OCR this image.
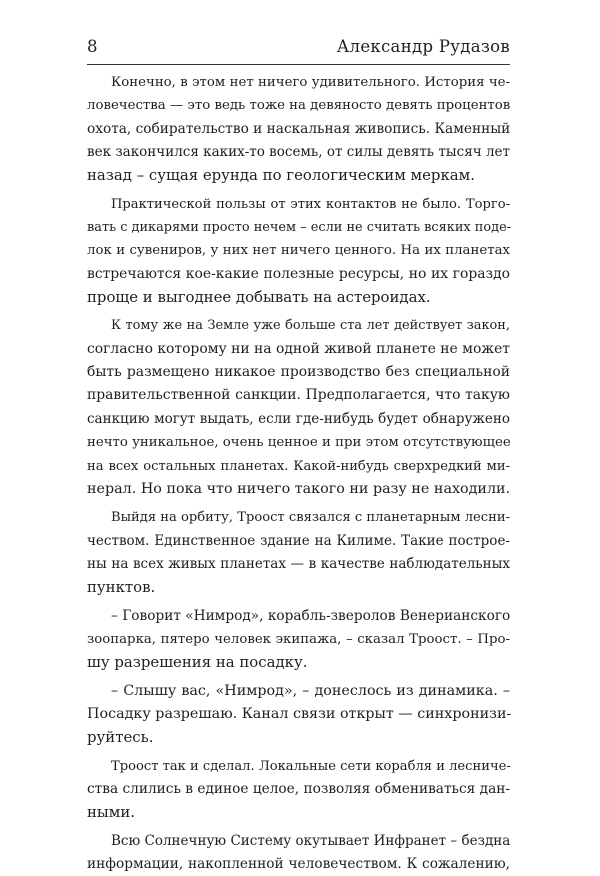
8	Александр Рудазов
Конечно, в этом нет ничего удивительного. История че-
ловечества — это ведь тоже на девяносто девять процентов
охота, собирательство и наскальная живопись. Каменный
век закончился каких-то восемь, от силы девять тысяч лет
назад – сущая ерунда по геологическим меркам.
Практической пользы от этих контактов не было. Торго-
вать с дикарями просто нечем – если не считать всяких подe-
лок и сувениров, у них нет ничего ценного. На их планетах
встречаются кое-какие полезные ресурсы, но их гораздо
проще и выгоднее добывать на астероидах.
К тому же на Земле уже больше ста лет действует закон,
согласно которому ни на одной живой планете не может
быть размещено никакое производство без специальной
правительственной санкции. Предполагается, что такую
санкцию могут выдать, если где-нибудь будет обнаружено
нечто уникальное, очень ценное и при этом отсутствующее
на всех остальных планетах. Какой-нибудь сверхредкий ми-
нерал. Но пока что ничего такого ни разу не находили.
Выйдя на орбиту, Троост связался с планетарным лесни-
чеством. Единственное здание на Килиме. Такие построе-
ны на всех живых планетах — в качестве наблюдательных
пунктов.
– Говорит «Нимрод», корабль-зверолов Венерианского
зоопарка, пятеро человек экипажа, – сказал Троост. – Про-
шу разрешения на посадку.
– Слышу вас, «Нимрод», – донеслось из динамика. –
Посадку разрешаю. Канал связи открыт — синхронизи-
руйтесь.
Троост так и сделал. Локальные сети корабля и лесниче-
ства слились в единое целое, позволяя обмениваться дан-
ными.
Всю Солнечную Систему окутывает Инфранет – бездна
информации, накопленной человечеством. К сожалению,
